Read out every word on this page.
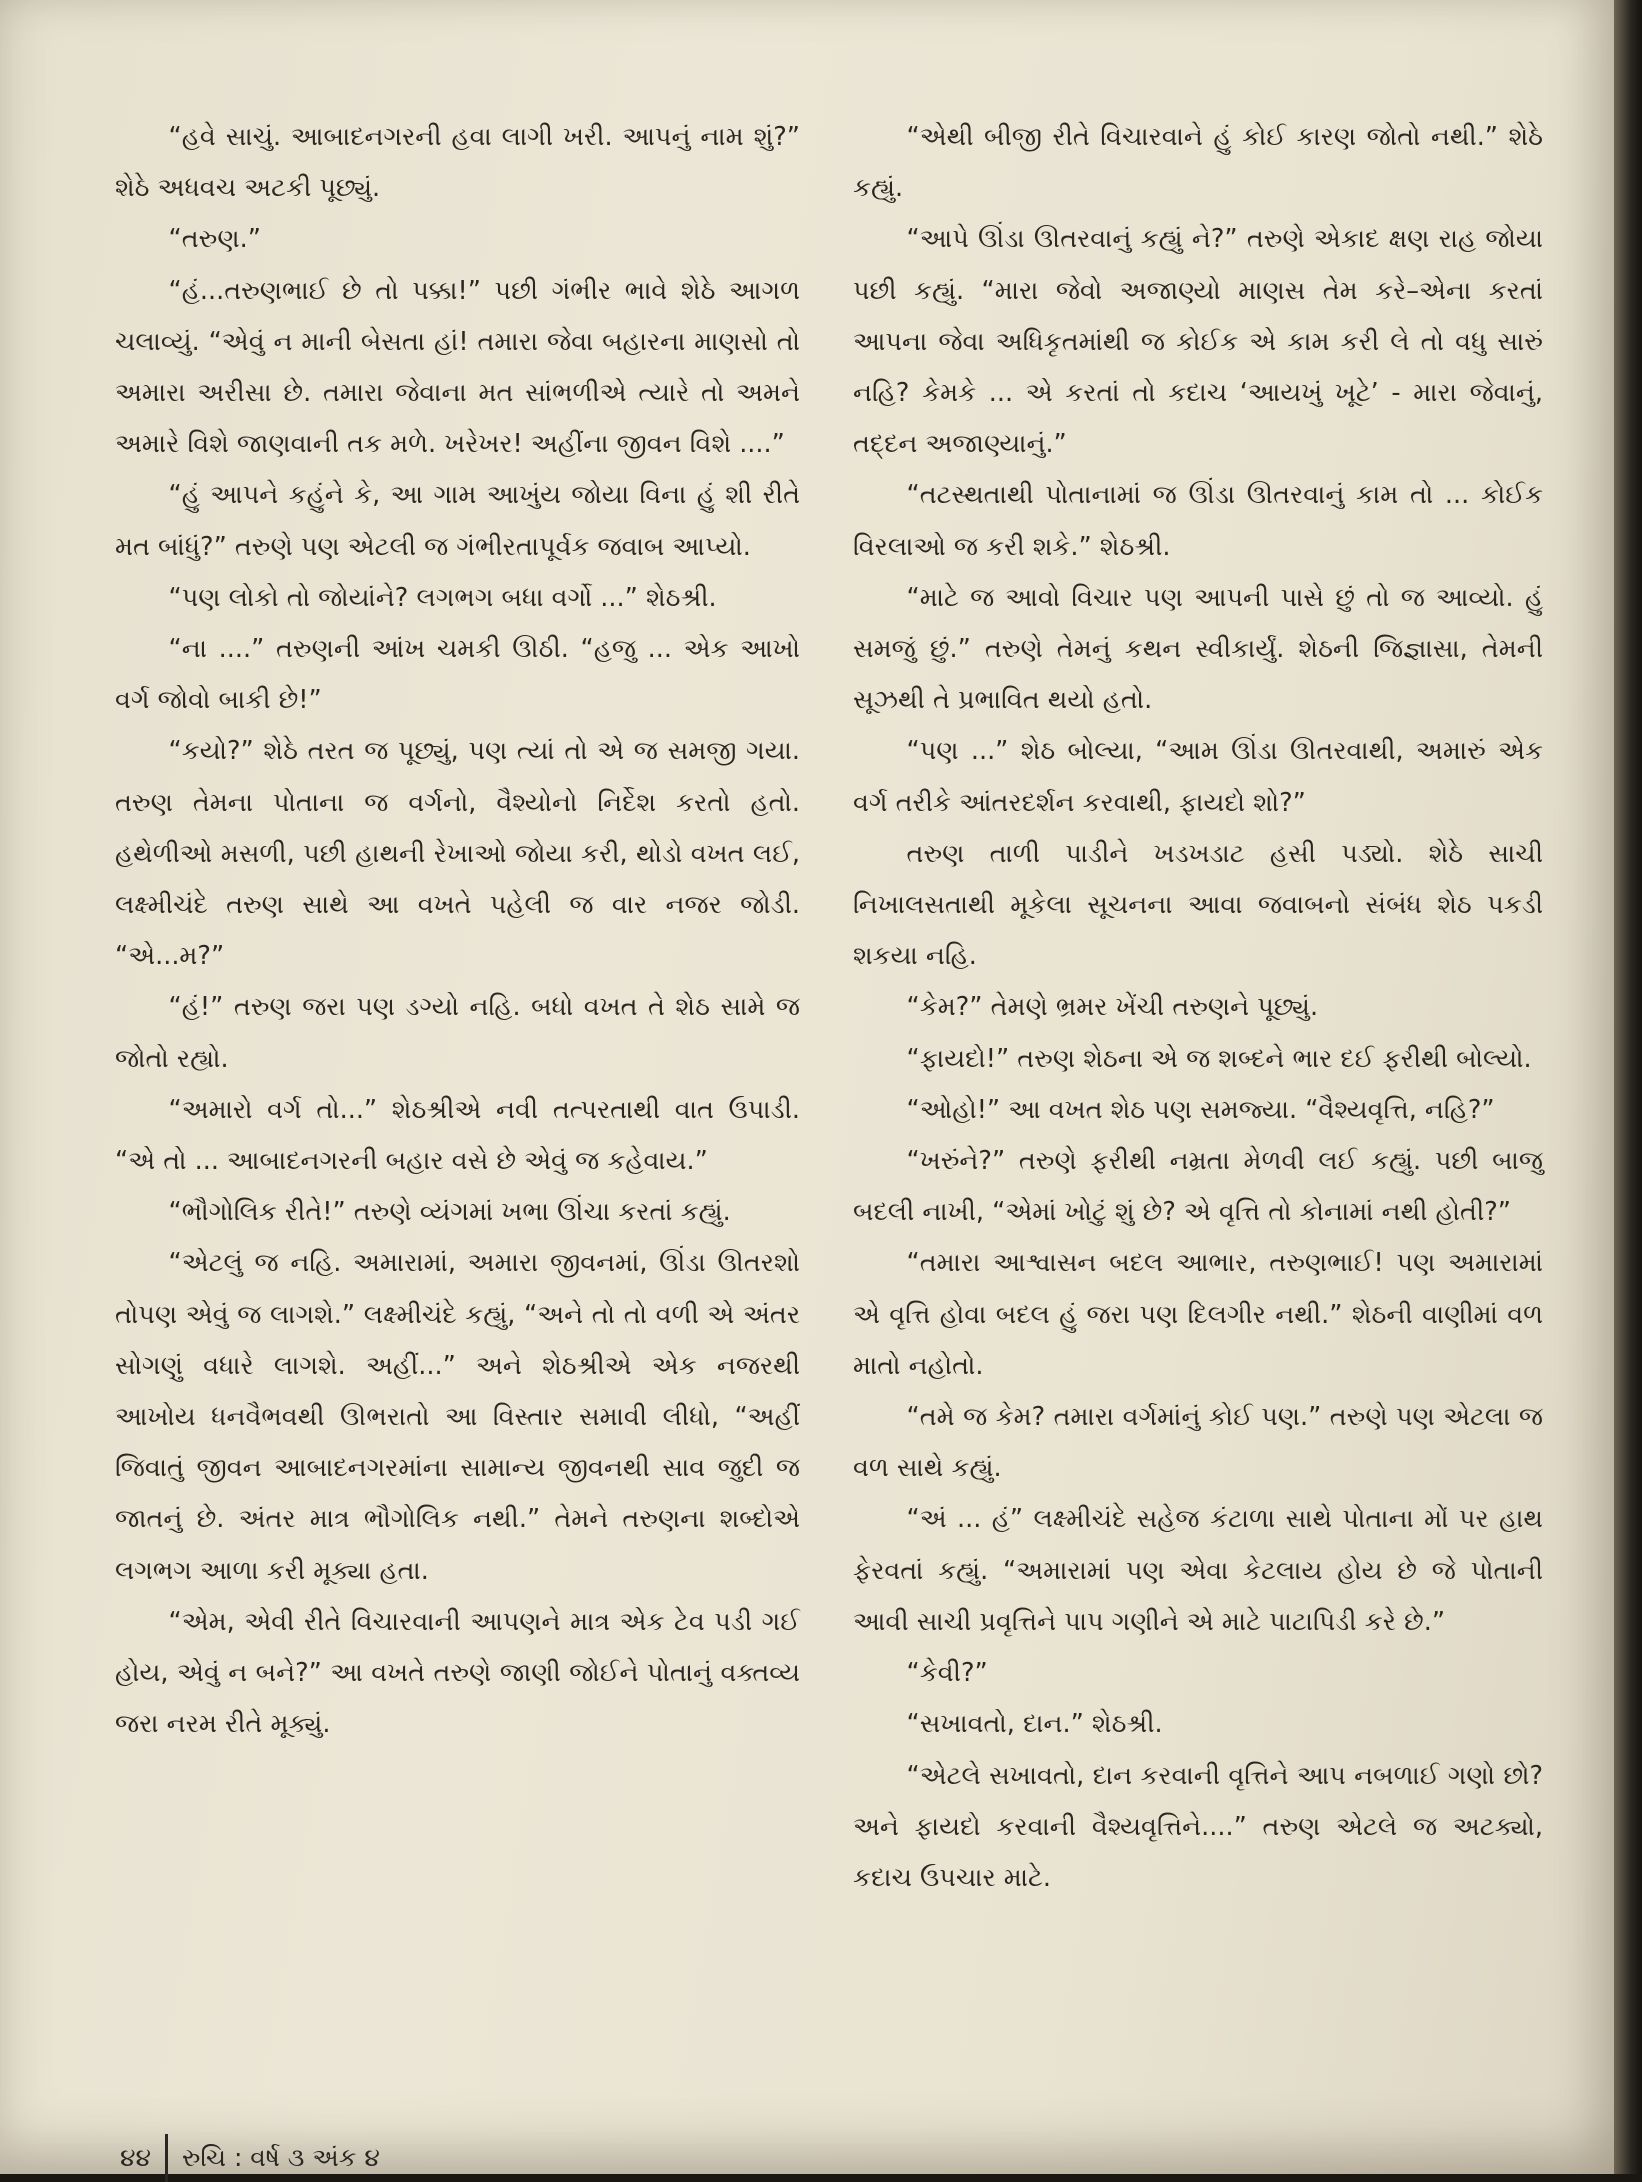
“હવે સાચું. આબાદનગરની હવા લાગી ખરી. આપનું નામ શું?” શેઠે અધવચ અટકી પૂછ્યું.

“તરુણ.”

“હં...તરુણભાઈ છે તો પક્કા!” પછી ગંભીર ભાવે શેઠે આગળ ચલાવ્યું. “એવું ન માની બેસતા હાં! તમારા જેવા બહારના માણસો તો અમારા અરીસા છે. તમારા જેવાના મત સાંભળીએ ત્યારે તો અમને અમારે વિશે જાણવાની તક મળે. ખરેખર! અહીંના જીવન વિશે ....”

“હું આપને કહુંને કે, આ ગામ આખુંય જોયા વિના હું શી રીતે મત બાંધું?” તરુણે પણ એટલી જ ગંભીરતાપૂર્વક જવાબ આપ્યો.

“પણ લોકો તો જોયાંને? લગભગ બધા વર્ગો ...” શેઠશ્રી.

“ના ....” તરુણની આંખ ચમકી ઊઠી. “હજુ ... એક આખો વર્ગ જોવો બાકી છે!”

“કયો?” શેઠે તરત જ પૂછ્યું, પણ ત્યાં તો એ જ સમજી ગયા. તરુણ તેમના પોતાના જ વર્ગનો, વૈશ્યોનો નિર્દેશ કરતો હતો. હથેળીઓ મસળી, પછી હાથની રેખાઓ જોયા કરી, થોડો વખત લઈ, લક્ષ્મીચંદે તરુણ સાથે આ વખતે પહેલી જ વાર નજર જોડી. “એ...મ?”

“હં!” તરુણ જરા પણ ડગ્યો નહિ. બધો વખત તે શેઠ સામે જ જોતો રહ્યો.

“અમારો વર્ગ તો...” શેઠશ્રીએ નવી તત્પરતાથી વાત ઉપાડી. “એ તો ... આબાદનગરની બહાર વસે છે એવું જ કહેવાય.”

“ભૌગોલિક રીતે!” તરુણે વ્યંગમાં ખભા ઊંચા કરતાં કહ્યું.

“એટલું જ નહિ. અમારામાં, અમારા જીવનમાં, ઊંડા ઊતરશો તોપણ એવું જ લાગશે.” લક્ષ્મીચંદે કહ્યું, “અને તો તો વળી એ અંતર સોગણું વધારે લાગશે. અહીં...” અને શેઠશ્રીએ એક નજરથી આખોય ધનવૈભવથી ઊભરાતો આ વિસ્તાર સમાવી લીધો, “અહીં જિવાતું જીવન આબાદનગરમાંના સામાન્ય જીવનથી સાવ જુદી જ જાતનું છે. અંતર માત્ર ભૌગોલિક નથી.” તેમને તરુણના શબ્દોએ લગભગ આળા કરી મૂક્યા હતા.

“એમ, એવી રીતે વિચારવાની આપણને માત્ર એક ટેવ પડી ગઈ હોય, એવું ન બને?” આ વખતે તરુણે જાણી જોઈને પોતાનું વક્તવ્ય જરા નરમ રીતે મૂક્યું.

“એથી બીજી રીતે વિચારવાને હું કોઈ કારણ જોતો નથી.” શેઠે કહ્યું.

“આપે ઊંડા ઊતરવાનું કહ્યું ને?” તરુણે એકાદ ક્ષણ રાહ જોયા પછી કહ્યું. “મારા જેવો અજાણ્યો માણસ તેમ કરે–એના કરતાં આપના જેવા અધિકૃતમાંથી જ કોઈક એ કામ કરી લે તો વધુ સારું નહિ? કેમકે ... એ કરતાં તો કદાચ ‘આયખું ખૂટે’ - મારા જેવાનું, તદ્દન અજાણ્યાનું.”

“તટસ્થતાથી પોતાનામાં જ ઊંડા ઊતરવાનું કામ તો ... કોઈક વિરલાઓ જ કરી શકે.” શેઠશ્રી.

“માટે જ આવો વિચાર પણ આપની પાસે છું તો જ આવ્યો. હું સમજું છું.” તરુણે તેમનું કથન સ્વીકાર્યું. શેઠની જિજ્ઞાસા, તેમની સૂઝથી તે પ્રભાવિત થયો હતો.

“પણ ...” શેઠ બોલ્યા, “આમ ઊંડા ઊતરવાથી, અમારું એક વર્ગ તરીકે આંતરદર્શન કરવાથી, ફાયદો શો?”

તરુણ તાળી પાડીને ખડખડાટ હસી પડ્યો. શેઠે સાચી નિખાલસતાથી મૂકેલા સૂચનના આવા જવાબનો સંબંધ શેઠ પકડી શકયા નહિ.

“કેમ?” તેમણે ભ્રમર ખેંચી તરુણને પૂછ્યું.

“ફાયદો!” તરુણ શેઠના એ જ શબ્દને ભાર દઈ ફરીથી બોલ્યો.

“ઓહો!” આ વખત શેઠ પણ સમજ્યા. “વૈશ્યવૃત્તિ, નહિ?”

“ખરુંને?” તરુણે ફરીથી નમ્રતા મેળવી લઈ કહ્યું. પછી બાજુ બદલી નાખી, “એમાં ખોટું શું છે? એ વૃત્તિ તો કોનામાં નથી હોતી?”

“તમારા આશ્વાસન બદલ આભાર, તરુણભાઈ! પણ અમારામાં એ વૃત્તિ હોવા બદલ હું જરા પણ દિલગીર નથી.” શેઠની વાણીમાં વળ માતો નહોતો.

“તમે જ કેમ? તમારા વર્ગમાંનું કોઈ પણ.” તરુણે પણ એટલા જ વળ સાથે કહ્યું.

“અં ... હં” લક્ષ્મીચંદે સહેજ કંટાળા સાથે પોતાના મોં પર હાથ ફેરવતાં કહ્યું. “અમારામાં પણ એવા કેટલાય હોય છે જે પોતાની આવી સાચી પ્રવૃત્તિને પાપ ગણીને એ માટે પાટાપિડી કરે છે.”

“કેવી?”

“સખાવતો, દાન.” શેઠશ્રી.

“એટલે સખાવતો, દાન કરવાની વૃત્તિને આપ નબળાઈ ગણો છો? અને ફાયદો કરવાની વૈશ્યવૃત્તિને....” તરુણ એટલે જ અટક્યો, કદાચ ઉપચાર માટે.

૪૪ રુચિ : વર્ષ ૩ અંક ૪
